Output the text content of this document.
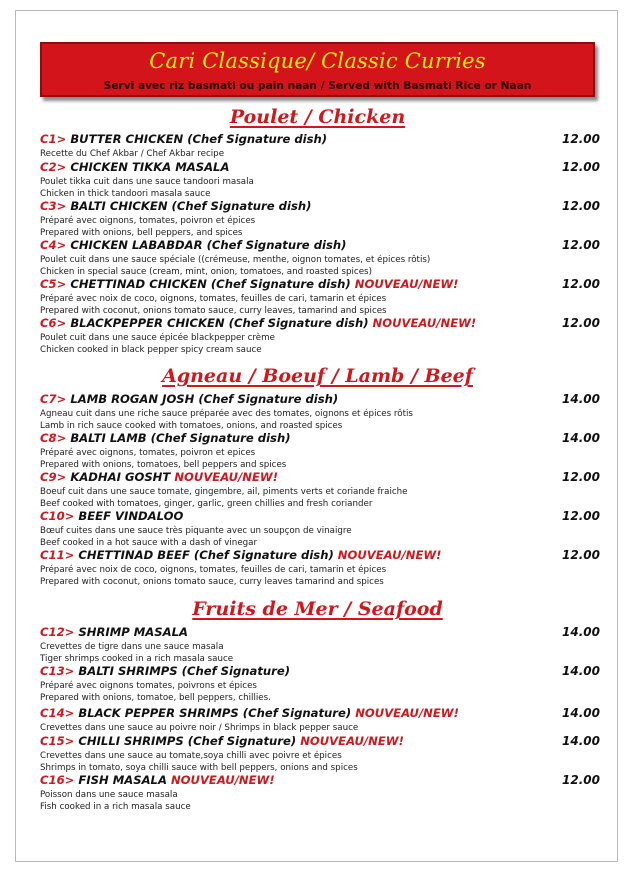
Cari Classique/ Classic Curries
Servi avec riz basmati ou pain naan / Served with Basmati Rice or Naan
Poulet / Chicken
C1> BUTTER CHICKEN (Chef Signature dish)	12.00
Recette du Chef Akbar / Chef Akbar recipe
C2> CHICKEN TIKKA MASALA	12.00
Poulet tikka cuit dans une sauce tandoori masala
Chicken in thick tandoori masala sauce
C3> BALTI CHICKEN (Chef Signature dish)	12.00
Préparé avec oignons, tomates, poivron et épices
Prepared with onions, bell peppers, and spices
C4> CHICKEN LABABDAR (Chef Signature dish)	12.00
Poulet cuit dans une sauce spéciale ((crémeuse, menthe, oignon tomates, et épices rôtis)
Chicken in special sauce (cream, mint, onion, tomatoes, and roasted spices)
C5> CHETTINAD CHICKEN (Chef Signature dish) NOUVEAU/NEW!	12.00
Préparé avec noix de coco, oignons, tomates, feuilles de cari, tamarin et épices
Prepared with coconut, onions tomato sauce, curry leaves, tamarind and spices
C6> BLACKPEPPER CHICKEN (Chef Signature dish) NOUVEAU/NEW!	12.00
Poulet cuit dans une sauce épicée blackpepper crème
Chicken cooked in black pepper spicy cream sauce
Agneau / Boeuf / Lamb / Beef
C7> LAMB ROGAN JOSH (Chef Signature dish)	14.00
Agneau cuit dans une riche sauce préparée avec des tomates, oignons et épices rôtis
Lamb in rich sauce cooked with tomatoes, onions, and roasted spices
C8> BALTI LAMB (Chef Signature dish)	14.00
Préparé avec oignons, tomates, poivron et epices
Prepared with onions, tomatoes, bell peppers and spices
C9> KADHAI GOSHT NOUVEAU/NEW!	12.00
Boeuf cuit dans une sauce tomate, gingembre, ail, piments verts et coriande fraiche
Beef cooked with tomatoes, ginger, garlic, green chillies and fresh coriander
C10> BEEF VINDALOO	12.00
Bœuf cuites dans une sauce très piquante avec un soupçon de vinaigre
Beef cooked in a hot sauce with a dash of vinegar
C11> CHETTINAD BEEF (Chef Signature dish) NOUVEAU/NEW!	12.00
Préparé avec noix de coco, oignons, tomates, feuilles de cari, tamarin et épices
Prepared with coconut, onions tomato sauce, curry leaves tamarind and spices
Fruits de Mer / Seafood
C12> SHRIMP MASALA	14.00
Crevettes de tigre dans une sauce masala
Tiger shrimps cooked in a rich masala sauce
C13> BALTI SHRIMPS (Chef Signature)	14.00
Préparé avec oignons tomates, poivrons et épices
Prepared with onions, tomatoe, bell peppers, chillies.
C14> BLACK PEPPER SHRIMPS (Chef Signature) NOUVEAU/NEW!	14.00
Crevettes dans une sauce au poivre noir / Shrimps in black pepper sauce
C15> CHILLI SHRIMPS (Chef Signature) NOUVEAU/NEW!	14.00
Crevettes dans une sauce au tomate,soya chilli avec poivre et épices
Shrimps in tomato, soya chilli sauce with bell peppers, onions and spices
C16> FISH MASALA NOUVEAU/NEW!	12.00
Poisson dans une sauce masala
Fish cooked in a rich masala sauce
